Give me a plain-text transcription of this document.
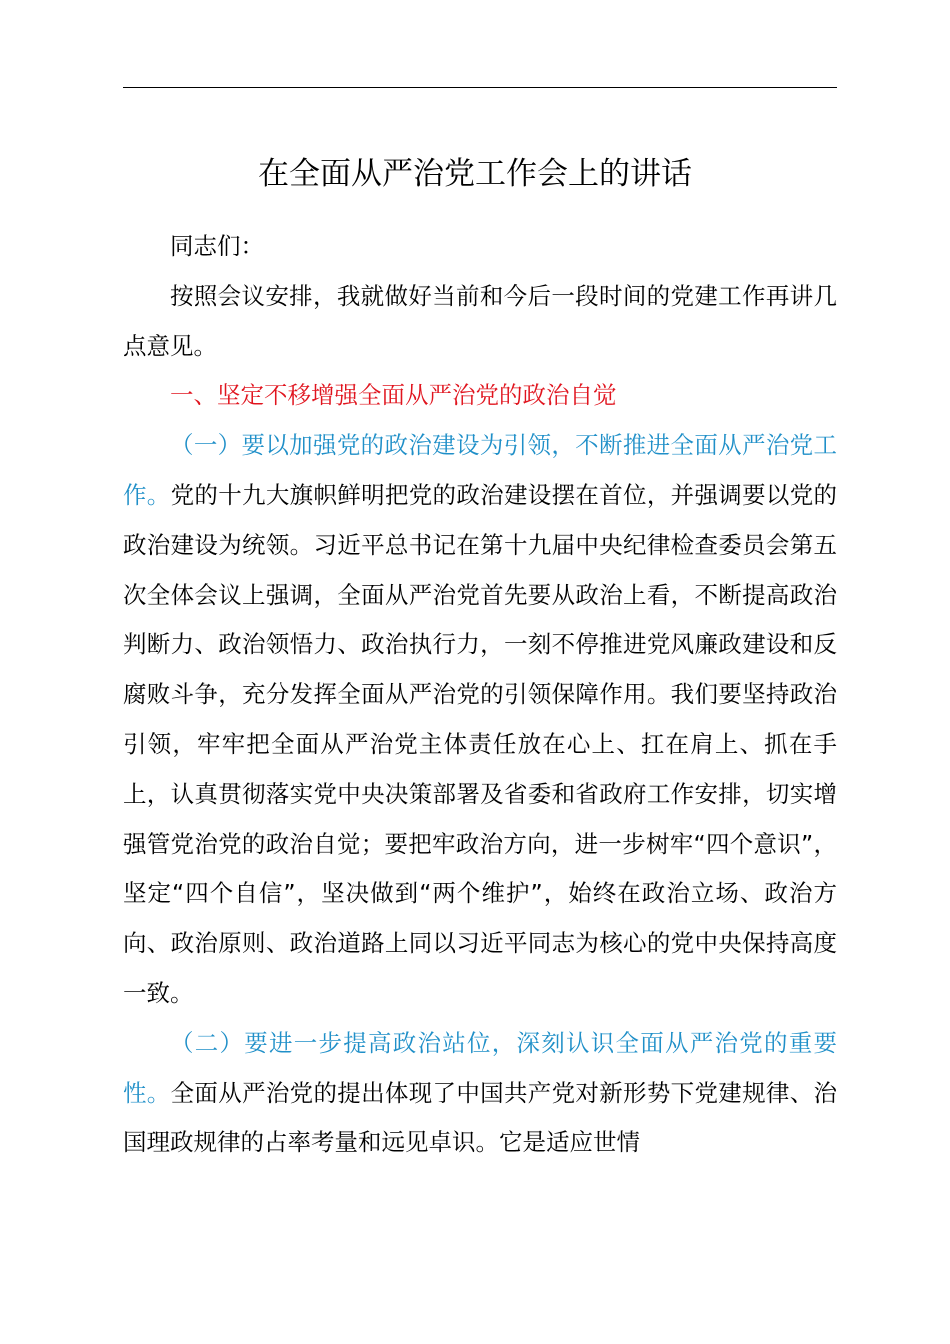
在全面从严治党工作会上的讲话

同志们：

按照会议安排，我就做好当前和今后一段时间的党建工作再讲几点意见。

一、坚定不移增强全面从严治党的政治自觉

（一）要以加强党的政治建设为引领，不断推进全面从严治党工作。党的十九大旗帜鲜明把党的政治建设摆在首位，并强调要以党的政治建设为统领。习近平总书记在第十九届中央纪律检查委员会第五次全体会议上强调，全面从严治党首先要从政治上看，不断提高政治判断力、政治领悟力、政治执行力，一刻不停推进党风廉政建设和反腐败斗争，充分发挥全面从严治党的引领保障作用。我们要坚持政治引领，牢牢把全面从严治党主体责任放在心上、扛在肩上、抓在手上，认真贯彻落实党中央决策部署及省委和省政府工作安排，切实增强管党治党的政治自觉；要把牢政治方向，进一步树牢“四个意识”，坚定“四个自信”，坚决做到“两个维护”，始终在政治立场、政治方向、政治原则、政治道路上同以习近平同志为核心的党中央保持高度一致。

（二）要进一步提高政治站位，深刻认识全面从严治党的重要性。全面从严治党的提出体现了中国共产党对新形势下党建规律、治国理政规律的占率考量和远见卓识。它是适应世情
